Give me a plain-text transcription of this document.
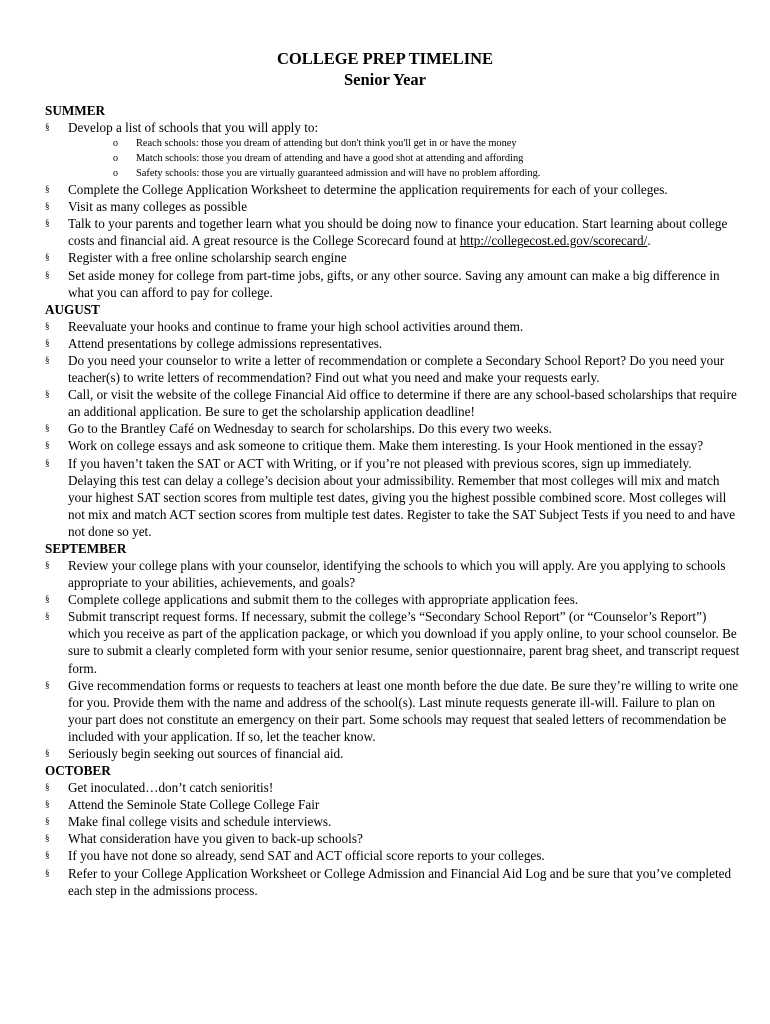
COLLEGE PREP TIMELINE
Senior Year
SUMMER
§ Develop a list of schools that you will apply to:
o Reach schools: those you dream of attending but don't think you'll get in or have the money
o Match schools: those you dream of attending and have a good shot at attending and affording
o Safety schools: those you are virtually guaranteed admission and will have no problem affording.
§ Complete the College Application Worksheet to determine the application requirements for each of your colleges.
§ Visit as many colleges as possible
§ Talk to your parents and together learn what you should be doing now to finance your education. Start learning about college costs and financial aid. A great resource is the College Scorecard found at http://collegecost.ed.gov/scorecard/.
§ Register with a free online scholarship search engine
§ Set aside money for college from part-time jobs, gifts, or any other source. Saving any amount can make a big difference in what you can afford to pay for college.
AUGUST
§ Reevaluate your hooks and continue to frame your high school activities around them.
§ Attend presentations by college admissions representatives.
§ Do you need your counselor to write a letter of recommendation or complete a Secondary School Report? Do you need your teacher(s) to write letters of recommendation? Find out what you need and make your requests early.
§ Call, or visit the website of the college Financial Aid office to determine if there are any school-based scholarships that require an additional application. Be sure to get the scholarship application deadline!
§ Go to the Brantley Café on Wednesday to search for scholarships. Do this every two weeks.
§ Work on college essays and ask someone to critique them. Make them interesting. Is your Hook mentioned in the essay?
§ If you haven’t taken the SAT or ACT with Writing, or if you’re not pleased with previous scores, sign up immediately. Delaying this test can delay a college’s decision about your admissibility. Remember that most colleges will mix and match your highest SAT section scores from multiple test dates, giving you the highest possible combined score. Most colleges will not mix and match ACT section scores from multiple test dates. Register to take the SAT Subject Tests if you need to and have not done so yet.
SEPTEMBER
§ Review your college plans with your counselor, identifying the schools to which you will apply. Are you applying to schools appropriate to your abilities, achievements, and goals?
§ Complete college applications and submit them to the colleges with appropriate application fees.
§ Submit transcript request forms. If necessary, submit the college’s “Secondary School Report” (or “Counselor’s Report”) which you receive as part of the application package, or which you download if you apply online, to your school counselor. Be sure to submit a clearly completed form with your senior resume, senior questionnaire, parent brag sheet, and transcript request form.
§ Give recommendation forms or requests to teachers at least one month before the due date. Be sure they’re willing to write one for you. Provide them with the name and address of the school(s). Last minute requests generate ill-will. Failure to plan on your part does not constitute an emergency on their part. Some schools may request that sealed letters of recommendation be included with your application. If so, let the teacher know.
§ Seriously begin seeking out sources of financial aid.
OCTOBER
§ Get inoculated…don’t catch senioritis!
§ Attend the Seminole State College College Fair
§ Make final college visits and schedule interviews.
§ What consideration have you given to back-up schools?
§ If you have not done so already, send SAT and ACT official score reports to your colleges.
§ Refer to your College Application Worksheet or College Admission and Financial Aid Log and be sure that you’ve completed each step in the admissions process.
